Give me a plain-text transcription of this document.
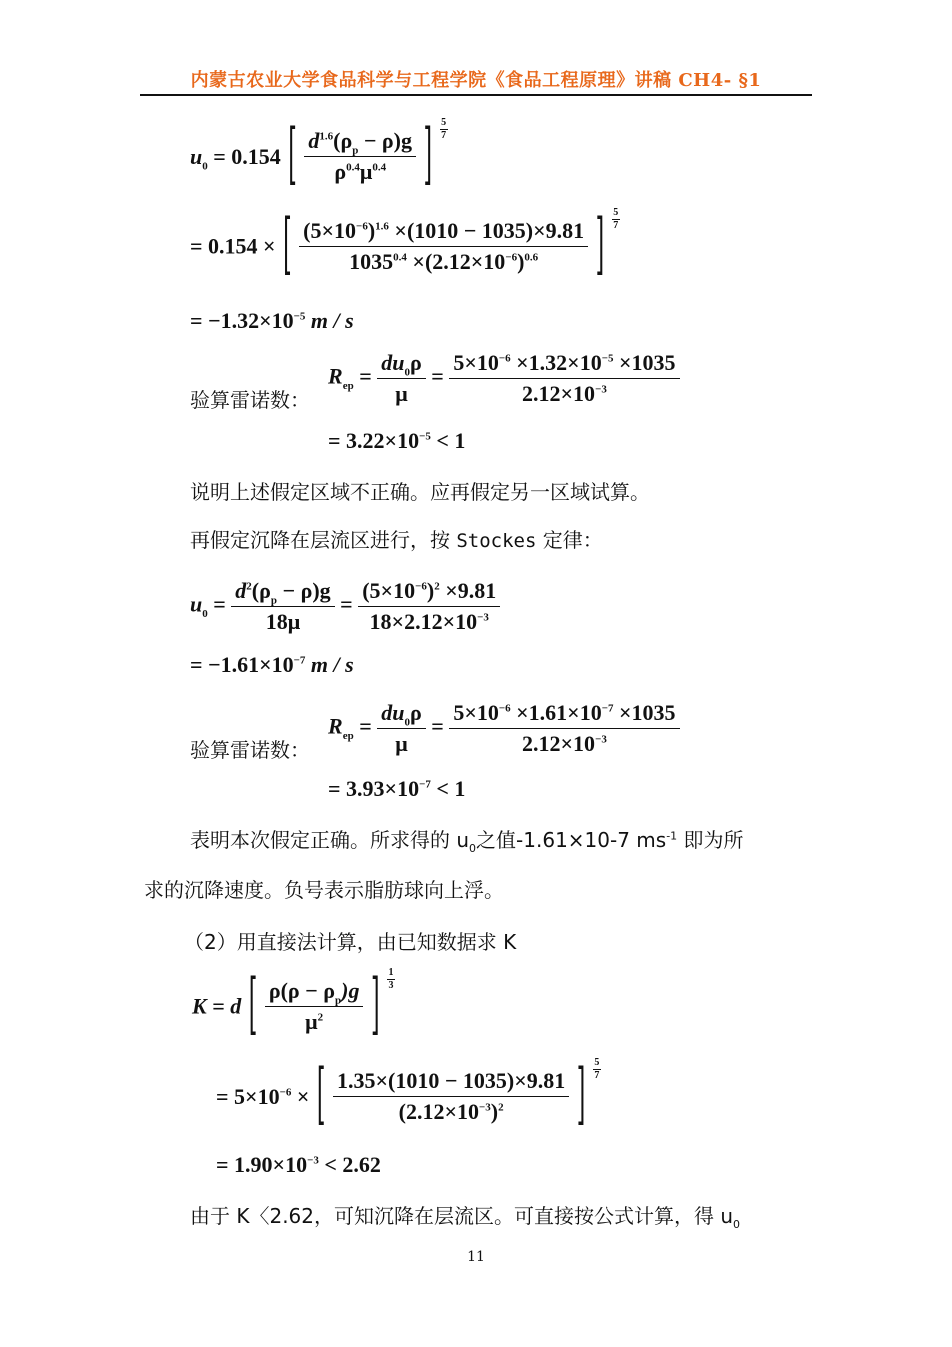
内蒙古农业大学食品科学与工程学院《食品工程原理》讲稿 CH4- §1
$u_0 = 0.154$ [ $\frac{d^{1.6}(\rho_p - \rho)g}{\rho^{0.4}\mu^{0.4}}$ ] $\frac{5}{7}$
= 0.154 × [ $\frac{(5\times 10^{-6})^{1.6} \times(1010 - 1035)\times 9.81}{1035^{0.4} \times(2.12\times 10^{-6})^{0.6}}$ ] $\frac{5}{7}$
= $-1.32\times 10^{-5}$ m / s
验算雷诺数：
$R_{ep} = \frac{du_0\rho}{\mu} = \frac{5\times 10^{-6} \times 1.32\times 10^{-5} \times 1035}{2.12\times 10^{-3}}$
= $3.22\times 10^{-5} < 1$
说明上述假定区域不正确。应再假定另一区域试算。
再假定沉降在层流区进行，按 Stockes 定律：
$u_0 = \frac{d^2(\rho_p - \rho)g}{18\mu} = \frac{(5\times 10^{-6})^2 \times 9.81}{18\times 2.12\times 10^{-3}}$
= $-1.61\times 10^{-7}$ m / s
验算雷诺数：
$R_{ep} = \frac{du_0\rho}{\mu} = \frac{5\times 10^{-6} \times 1.61\times 10^{-7} \times 1035}{2.12\times 10^{-3}}$
= $3.93\times 10^{-7} < 1$
表明本次假定正确。所求得的 $u_0$之值-1.61×10-7 $ms^{-1}$ 即为所
求的沉降速度。负号表示脂肪球向上浮。
（2）用直接法计算，由已知数据求 K
K = d [ $\frac{\rho(\rho - \rho_p)g}{\mu^2}$ ] $\frac{1}{3}$
= $5\times 10^{-6}$ × [ $\frac{1.35\times(1010 - 1035)\times 9.81}{(2.12\times 10^{-3})^2}$ ] $\frac{5}{7}$
= $1.90\times 10^{-3} < 2.62$
由于 K〈2.62，可知沉降在层流区。可直接按公式计算，得 $u_0$
11
